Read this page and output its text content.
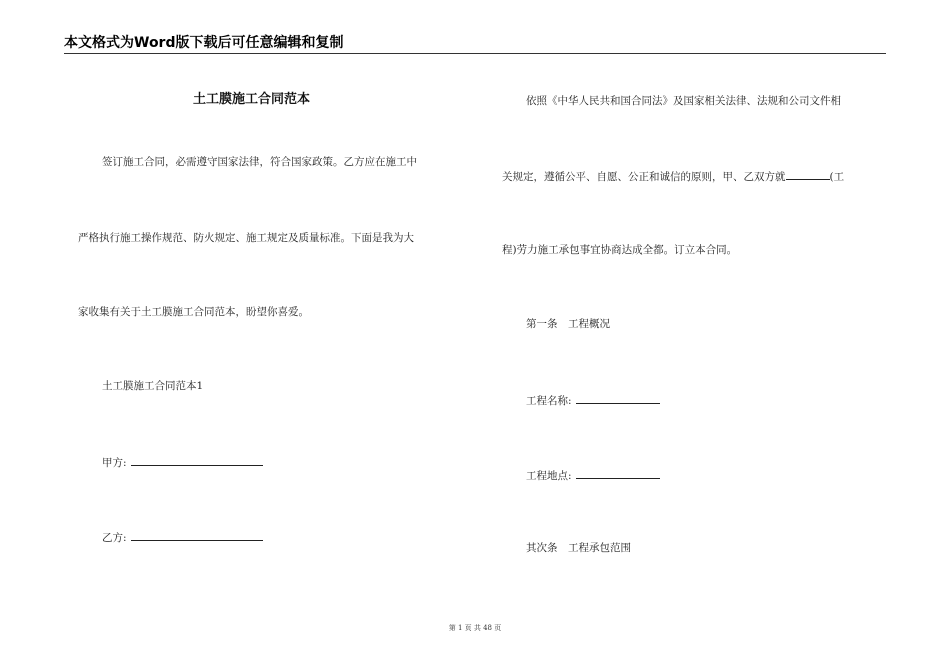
本文格式为Word版下载后可任意编辑和复制
土工膜施工合同范本
签订施工合同，必需遵守国家法律，符合国家政策。乙方应在施工中
严格执行施工操作规范、防火规定、施工规定及质量标准。下面是我为大
家收集有关于土工膜施工合同范本，盼望你喜爱。
土工膜施工合同范本1
甲方:
乙方:
依照《中华人民共和国合同法》及国家相关法律、法规和公司文件相
关规定，遵循公平、自愿、公正和诚信的原则，甲、乙双方就	(工
程)劳力施工承包事宜协商达成全都。订立本合同。
第一条　工程概况
工程名称:
工程地点:
其次条　工程承包范围
第 1 页 共 48 页
